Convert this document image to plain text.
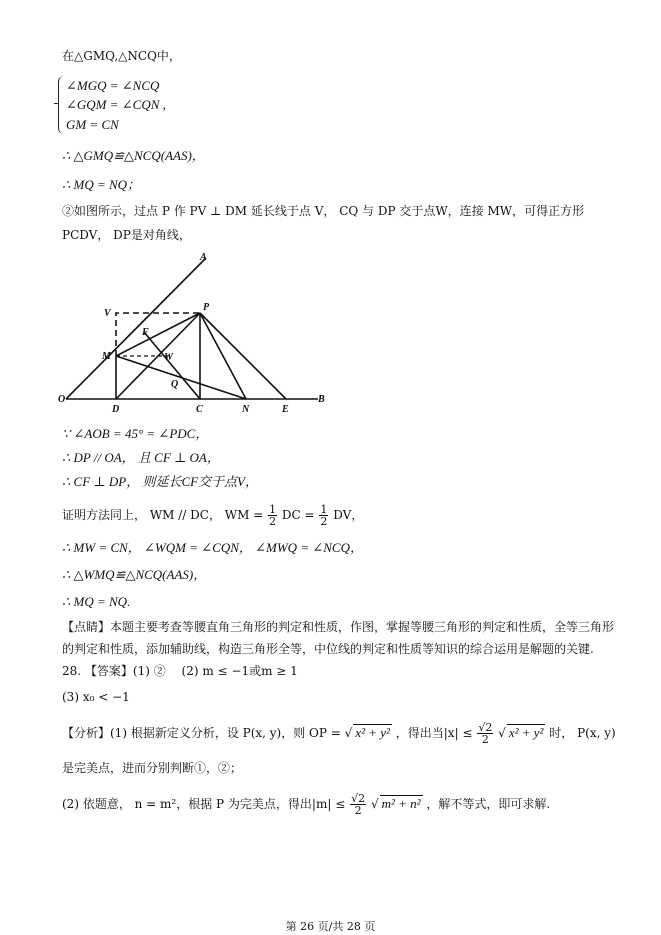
在△GMQ,△NCQ中，
∠MGQ = ∠NCQ
∠GQM = ∠CQN ,
GM = CN
∴ △GMQ≌△NCQ(AAS)，
∴ MQ = NQ；
②如图所示，过点 P 作 PV ⊥ DM 延长线于点 V， CQ 与 DP 交于点W，连接 MW，可得正方形
PCDV， DP是对角线，
A
V
P
F
M	W
Q
O
D	C	N	E
B
∵ ∠AOB = 45° = ∠PDC，
∴ DP // OA， 且 CF ⊥ OA，
∴ CF ⊥ DP， 则延长CF交于点V，
证明方法同上， WM // DC， WM = $\frac{1}{2}$ DC = $\frac{1}{2}$ DV，
∴ MW = CN， ∠WQM = ∠CQN， ∠MWQ = ∠NCQ，
∴ △WMQ≌△NCQ(AAS)，
∴ MQ = NQ.
【点睛】本题主要考查等腰直角三角形的判定和性质，作图，掌握等腰三角形的判定和性质，全等三角形
的判定和性质，添加辅助线，构造三角形全等，中位线的判定和性质等知识的综合运用是解题的关键.
28. 【答案】(1) ②　 (2) m ≤ −1或m ≥ 1
(3) x₀ < −1
【分析】(1) 根据新定义分析，设 P(x, y)，则 OP = √ x² + y² ，得出当$|x| \le \frac{√2}{2}$ √ x² + y² 时， P(x, y)
是完美点，进而分别判断①，②；
(2) 依题意， n = m²，根据 P 为完美点，得出$|m| \le \frac{√2}{2}$ √ m² + n² ，解不等式，即可求解.
第 26 页/共 28 页
